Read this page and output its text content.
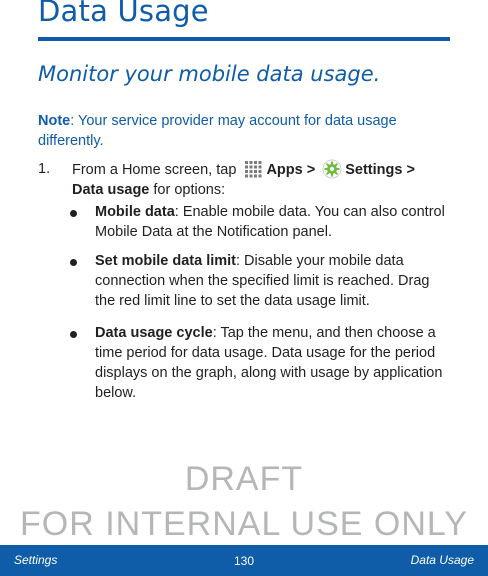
Data Usage
Monitor your mobile data usage.
Note: Your service provider may account for data usage differently.
1. From a Home screen, tap Apps > Settings >
Data usage for options:
Mobile data: Enable mobile data. You can also control Mobile Data at the Notification panel.
Set mobile data limit: Disable your mobile data connection when the specified limit is reached. Drag the red limit line to set the data usage limit.
Data usage cycle: Tap the menu, and then choose a time period for data usage. Data usage for the period displays on the graph, along with usage by application below.
DRAFT
FOR INTERNAL USE ONLY
Settings	130	Data Usage
